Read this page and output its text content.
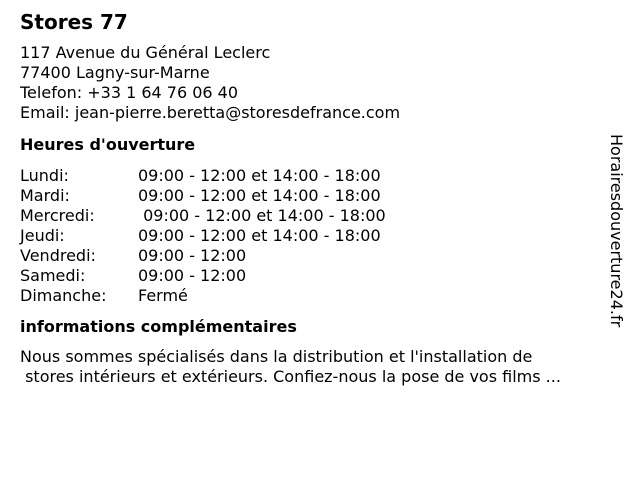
Stores 77
117 Avenue du Général Leclerc
77400 Lagny-sur-Marne
Telefon: +33 1 64 76 06 40
Email: jean-pierre.beretta@storesdefrance.com
Heures d'ouverture
Lundi:	09:00 - 12:00 et 14:00 - 18:00
Mardi:	09:00 - 12:00 et 14:00 - 18:00
Mercredi:	09:00 - 12:00 et 14:00 - 18:00
Jeudi:	09:00 - 12:00 et 14:00 - 18:00
Vendredi:	09:00 - 12:00
Samedi:	09:00 - 12:00
Dimanche:	Fermé
informations complémentaires
Nous sommes spécialisés dans la distribution et l'installation de
stores intérieurs et extérieurs. Confiez-nous la pose de vos films ...
Horairesdouverture24.fr
